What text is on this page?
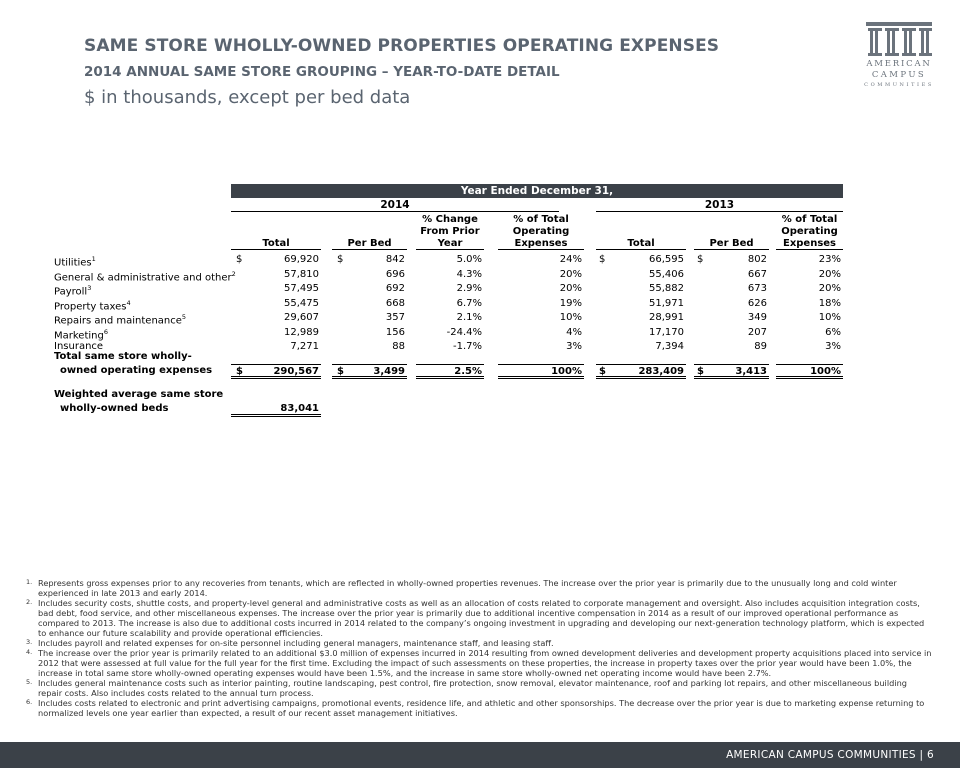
SAME STORE WHOLLY-OWNED PROPERTIES OPERATING EXPENSES
2014 ANNUAL SAME STORE GROUPING – YEAR-TO-DATE DETAIL
$ in thousands, except per bed data
AMERICAN
CAMPUS
COMMUNITIES
Year Ended December 31,
2014	2013
Total	Per Bed
% Change
From Prior
Year
% of Total
Operating
Expenses	Total	Per Bed
% of Total
Operating
Expenses
Utilities$^1$	$	69,920 $	842	5.0%	24% $	66,595 $	802	23%
General & administrative and other$^2$	57,810	696	4.3%	20%	55,406	667	20%
Payroll$^3$	57,495	692	2.9%	20%	55,882	673	20%
Property taxes$^4$	55,475	668	6.7%	19%	51,971	626	18%
Repairs and maintenance$^5$	29,607	357	2.1%	10%	28,991	349	10%
Marketing$^6$	12,989	156	-24.4%	4%	17,170	207	6%
Insurance	7,271	88	-1.7%	3%	7,394	89	3%
Total same store wholly-
owned operating expenses $	290,567 $	3,499	2.5%	100% $	283,409 $	3,413	100%
Weighted average same store
wholly-owned beds	83,041
1. Represents gross expenses prior to any recoveries from tenants, which are reflected in wholly-owned properties revenues. The increase over the prior year is primarily due to the unusually long and cold winter experienced in late 2013 and early 2014.
2. Includes security costs, shuttle costs, and property-level general and administrative costs as well as an allocation of costs related to corporate management and oversight. Also includes acquisition integration costs, bad debt, food service, and other miscellaneous expenses. The increase over the prior year is primarily due to additional incentive compensation in 2014 as a result of our improved operational performance as compared to 2013. The increase is also due to additional costs incurred in 2014 related to the company’s ongoing investment in upgrading and developing our next-generation technology platform, which is expected to enhance our future scalability and provide operational efficiencies.
3. Includes payroll and related expenses for on-site personnel including general managers, maintenance staff, and leasing staff.
4. The increase over the prior year is primarily related to an additional $3.0 million of expenses incurred in 2014 resulting from owned development deliveries and development property acquisitions placed into service in 2012 that were assessed at full value for the full year for the first time. Excluding the impact of such assessments on these properties, the increase in property taxes over the prior year would have been 1.0%, the increase in total same store wholly-owned operating expenses would have been 1.5%, and the increase in same store wholly-owned net operating income would have been 2.7%.
5. Includes general maintenance costs such as interior painting, routine landscaping, pest control, fire protection, snow removal, elevator maintenance, roof and parking lot repairs, and other miscellaneous building repair costs. Also includes costs related to the annual turn process.
6. Includes costs related to electronic and print advertising campaigns, promotional events, residence life, and athletic and other sponsorships. The decrease over the prior year is due to marketing expense returning to normalized levels one year earlier than expected, a result of our recent asset management initiatives.
AMERICAN CAMPUS COMMUNITIES | 6
